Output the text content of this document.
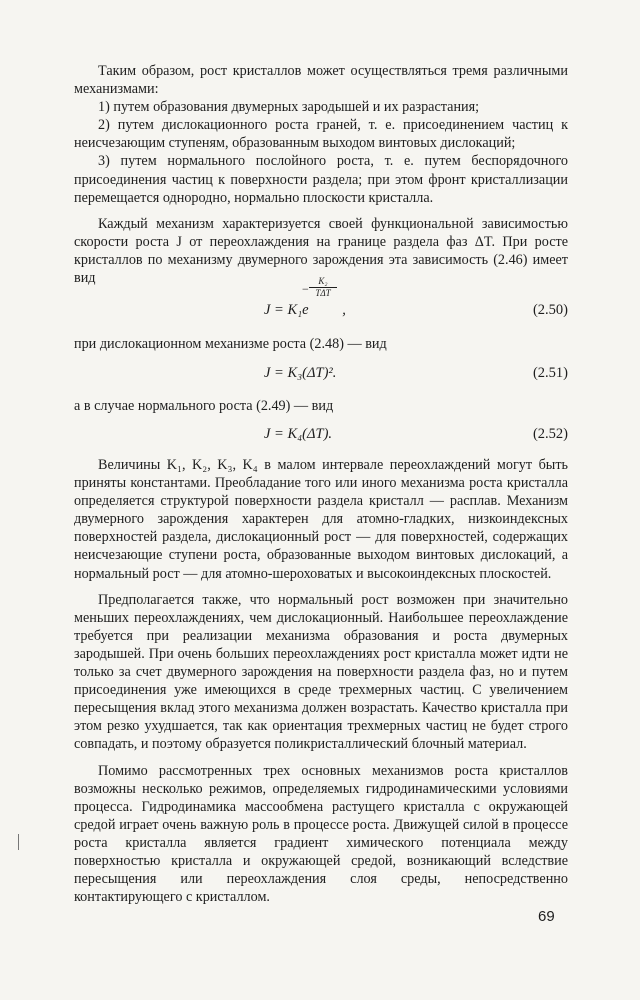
Таким образом, рост кристаллов может осуществляться тремя различными механизмами:

1) путем образования двумерных зародышей и их разрастания;

2) путем дислокационного роста граней, т. е. присоединением частиц к неисчезающим ступеням, образованным выходом винтовых дислокаций;

3) путем нормального послойного роста, т. е. путем беспорядочного присоединения частиц к поверхности раздела; при этом фронт кристаллизации перемещается однородно, нормально плоскости кристалла.

Каждый механизм характеризуется своей функциональной зависимостью скорости роста J от переохлаждения на границе раздела фаз ΔT. При росте кристаллов по механизму двумерного зарождения эта зависимость (2.46) имеет вид

J = K₁e
−
K₂
TΔT
,	(2.50)

при дислокационном механизме роста (2.48) — вид

J = K₃(ΔT)².	(2.51)

а в случае нормального роста (2.49) — вид

J = K₄(ΔT).	(2.52)

Величины K₁, K₂, K₃, K₄ в малом интервале переохлаждений могут быть приняты константами. Преобладание того или иного механизма роста кристалла определяется структурой поверхности раздела кристалл — расплав. Механизм двумерного зарождения характерен для атомно-гладких, низкоиндексных поверхностей раздела, дислокационный рост — для поверхностей, содержащих неисчезающие ступени роста, образованные выходом винтовых дислокаций, а нормальный рост — для атомно-шероховатых и высокоиндексных плоскостей.

Предполагается также, что нормальный рост возможен при значительно меньших переохлаждениях, чем дислокационный. Наибольшее переохлаждение требуется при реализации механизма образования и роста двумерных зародышей. При очень больших переохлаждениях рост кристалла может идти не только за счет двумерного зарождения на поверхности раздела фаз, но и путем присоединения уже имеющихся в среде трехмерных частиц. С увеличением пересыщения вклад этого механизма должен возрастать. Качество кристалла при этом резко ухудшается, так как ориентация трехмерных частиц не будет строго совпадать, и поэтому образуется поликристаллический блочный материал.

Помимо рассмотренных трех основных механизмов роста кристаллов возможны несколько режимов, определяемых гидродинамическими условиями процесса. Гидродинамика массообмена растущего кристалла с окружающей средой играет очень важную роль в процессе роста. Движущей силой в процессе роста кристалла является градиент химического потенциала между поверхностью кристалла и окружающей средой, возникающий вследствие пересыщения или переохлаждения слоя среды, непосредственно контактирующего с кристаллом.

69
